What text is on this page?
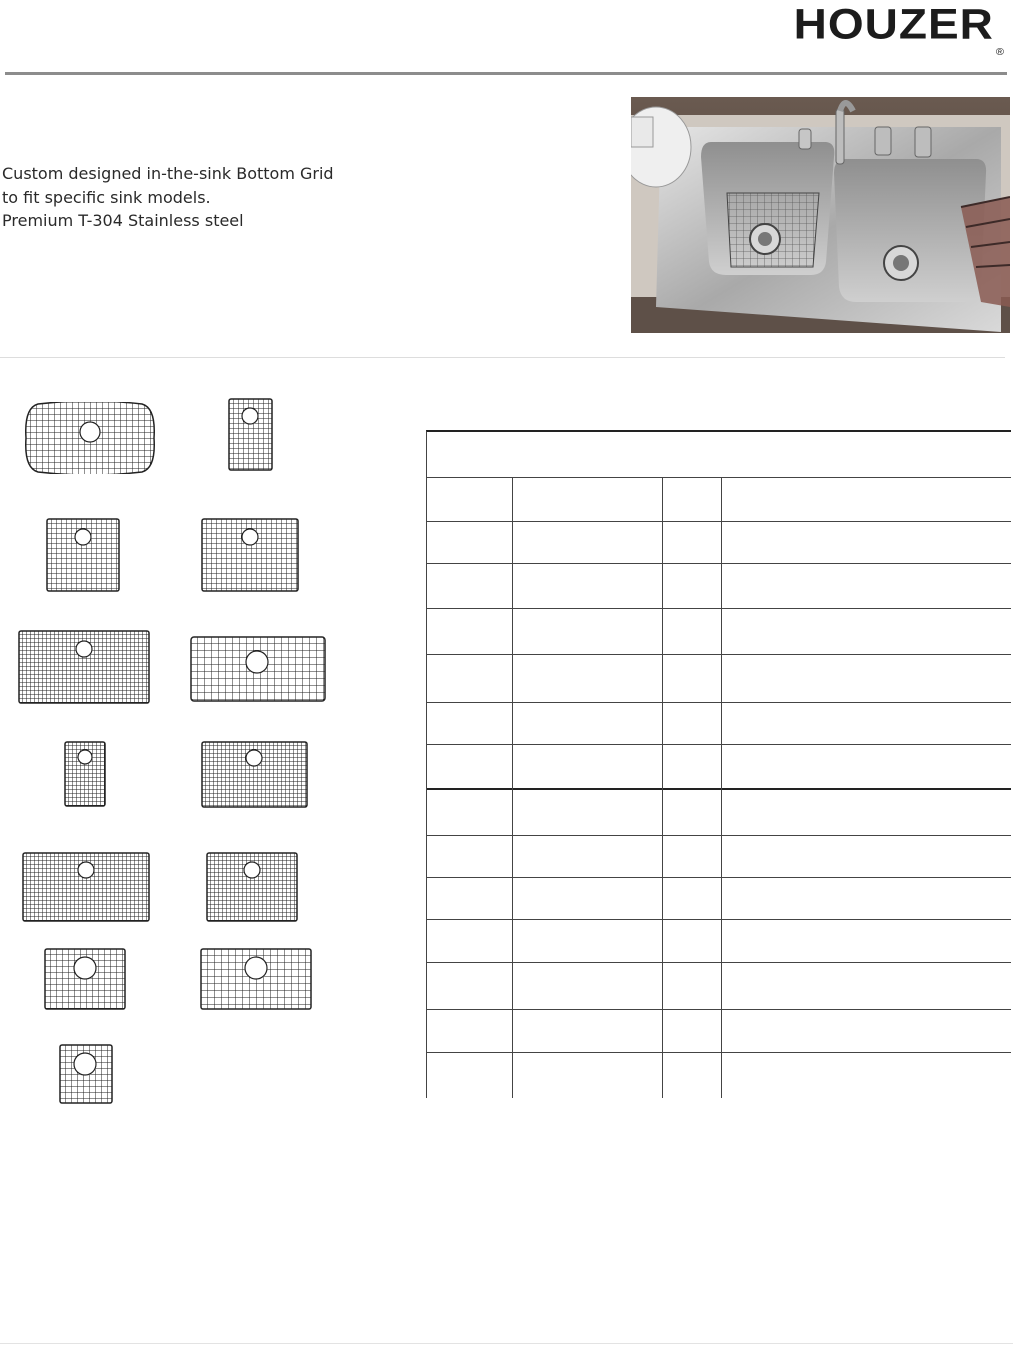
HOUZER®
Custom designed in-the-sink Bottom Grid
to fit specific sink models.
Premium T-304 Stainless steel
